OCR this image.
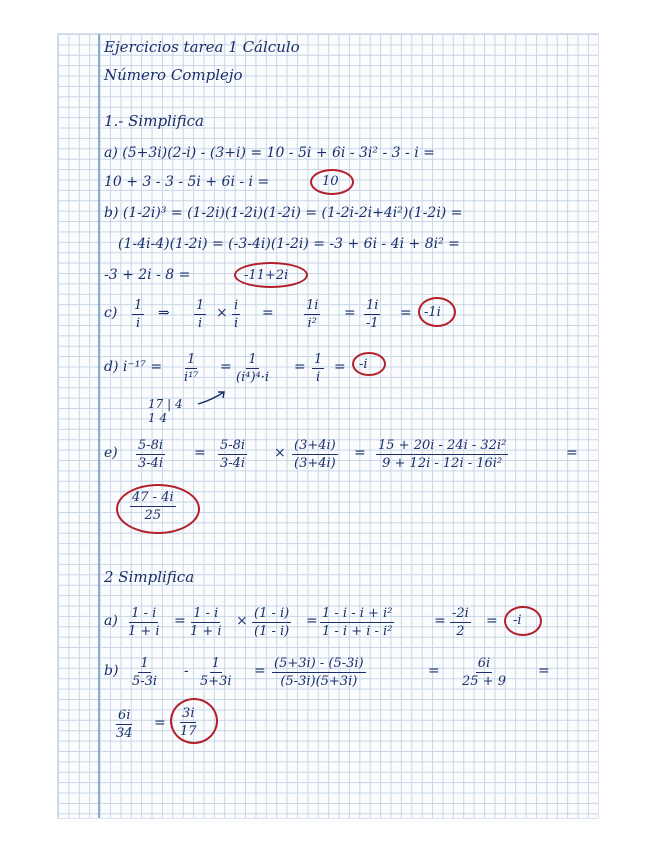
Ejercicios tarea 1 Cálculo
Número Complejo
1.- Simplifica
a) (5+3i)(2-i) - (3+i) = 10 - 5i + 6i - 3i² - 3 - i =
10 + 3 - 3 - 5i + 6i - i =	10
b) (1-2i)³ = (1-2i)(1-2i)(1-2i) = (1-2i-2i+4i²)(1-2i) =
(1-4i-4)(1-2i) = (-3-4i)(1-2i) = -3 + 6i - 4i + 8i² =
-3 + 2i - 8 =	-11+2i
$c) \frac{1}{i}$ ⇒ $\frac{1}{i} \times \frac{i}{i} = \frac{1i}{\text{i²}} = \frac{1i}{-1} = -1i$
d) $i^{-17} = \frac{1}{\text{i¹⁷}} = \frac{1}{\text{(i⁴)⁴·i}} = \frac{1}{i} = -i$
17 | 4
1 4
$e) \frac{5-8i}{3-4i} = \frac{5-8i}{3-4i} \times \frac{(3+4i)}{(3+4i)} = \frac{\text{15 + 20i - 24i - 32i²}}{\text{9 + 12i - 12i - 16i²}}$	=
$\frac{47 - 4i}{25}$
2 Simplifica
$a) \frac{1 - i}{1 + i} = \frac{1 - i}{1 + i} \times \frac{(1 - i)}{(1 - i)} = \frac{\text{1 - i - i + i²}}{\text{1 - i + i - i²}}$	= $\frac{-2i}{2} = -i$
$b) \frac{1}{5-3i} - \frac{1}{5+3i} = \frac{(5+3i) - (5-3i)}{(5-3i)(5+3i)}$	= $\frac{6i}{25 + 9}$ =
$\frac{6i}{34} = \frac{3i}{17}$
